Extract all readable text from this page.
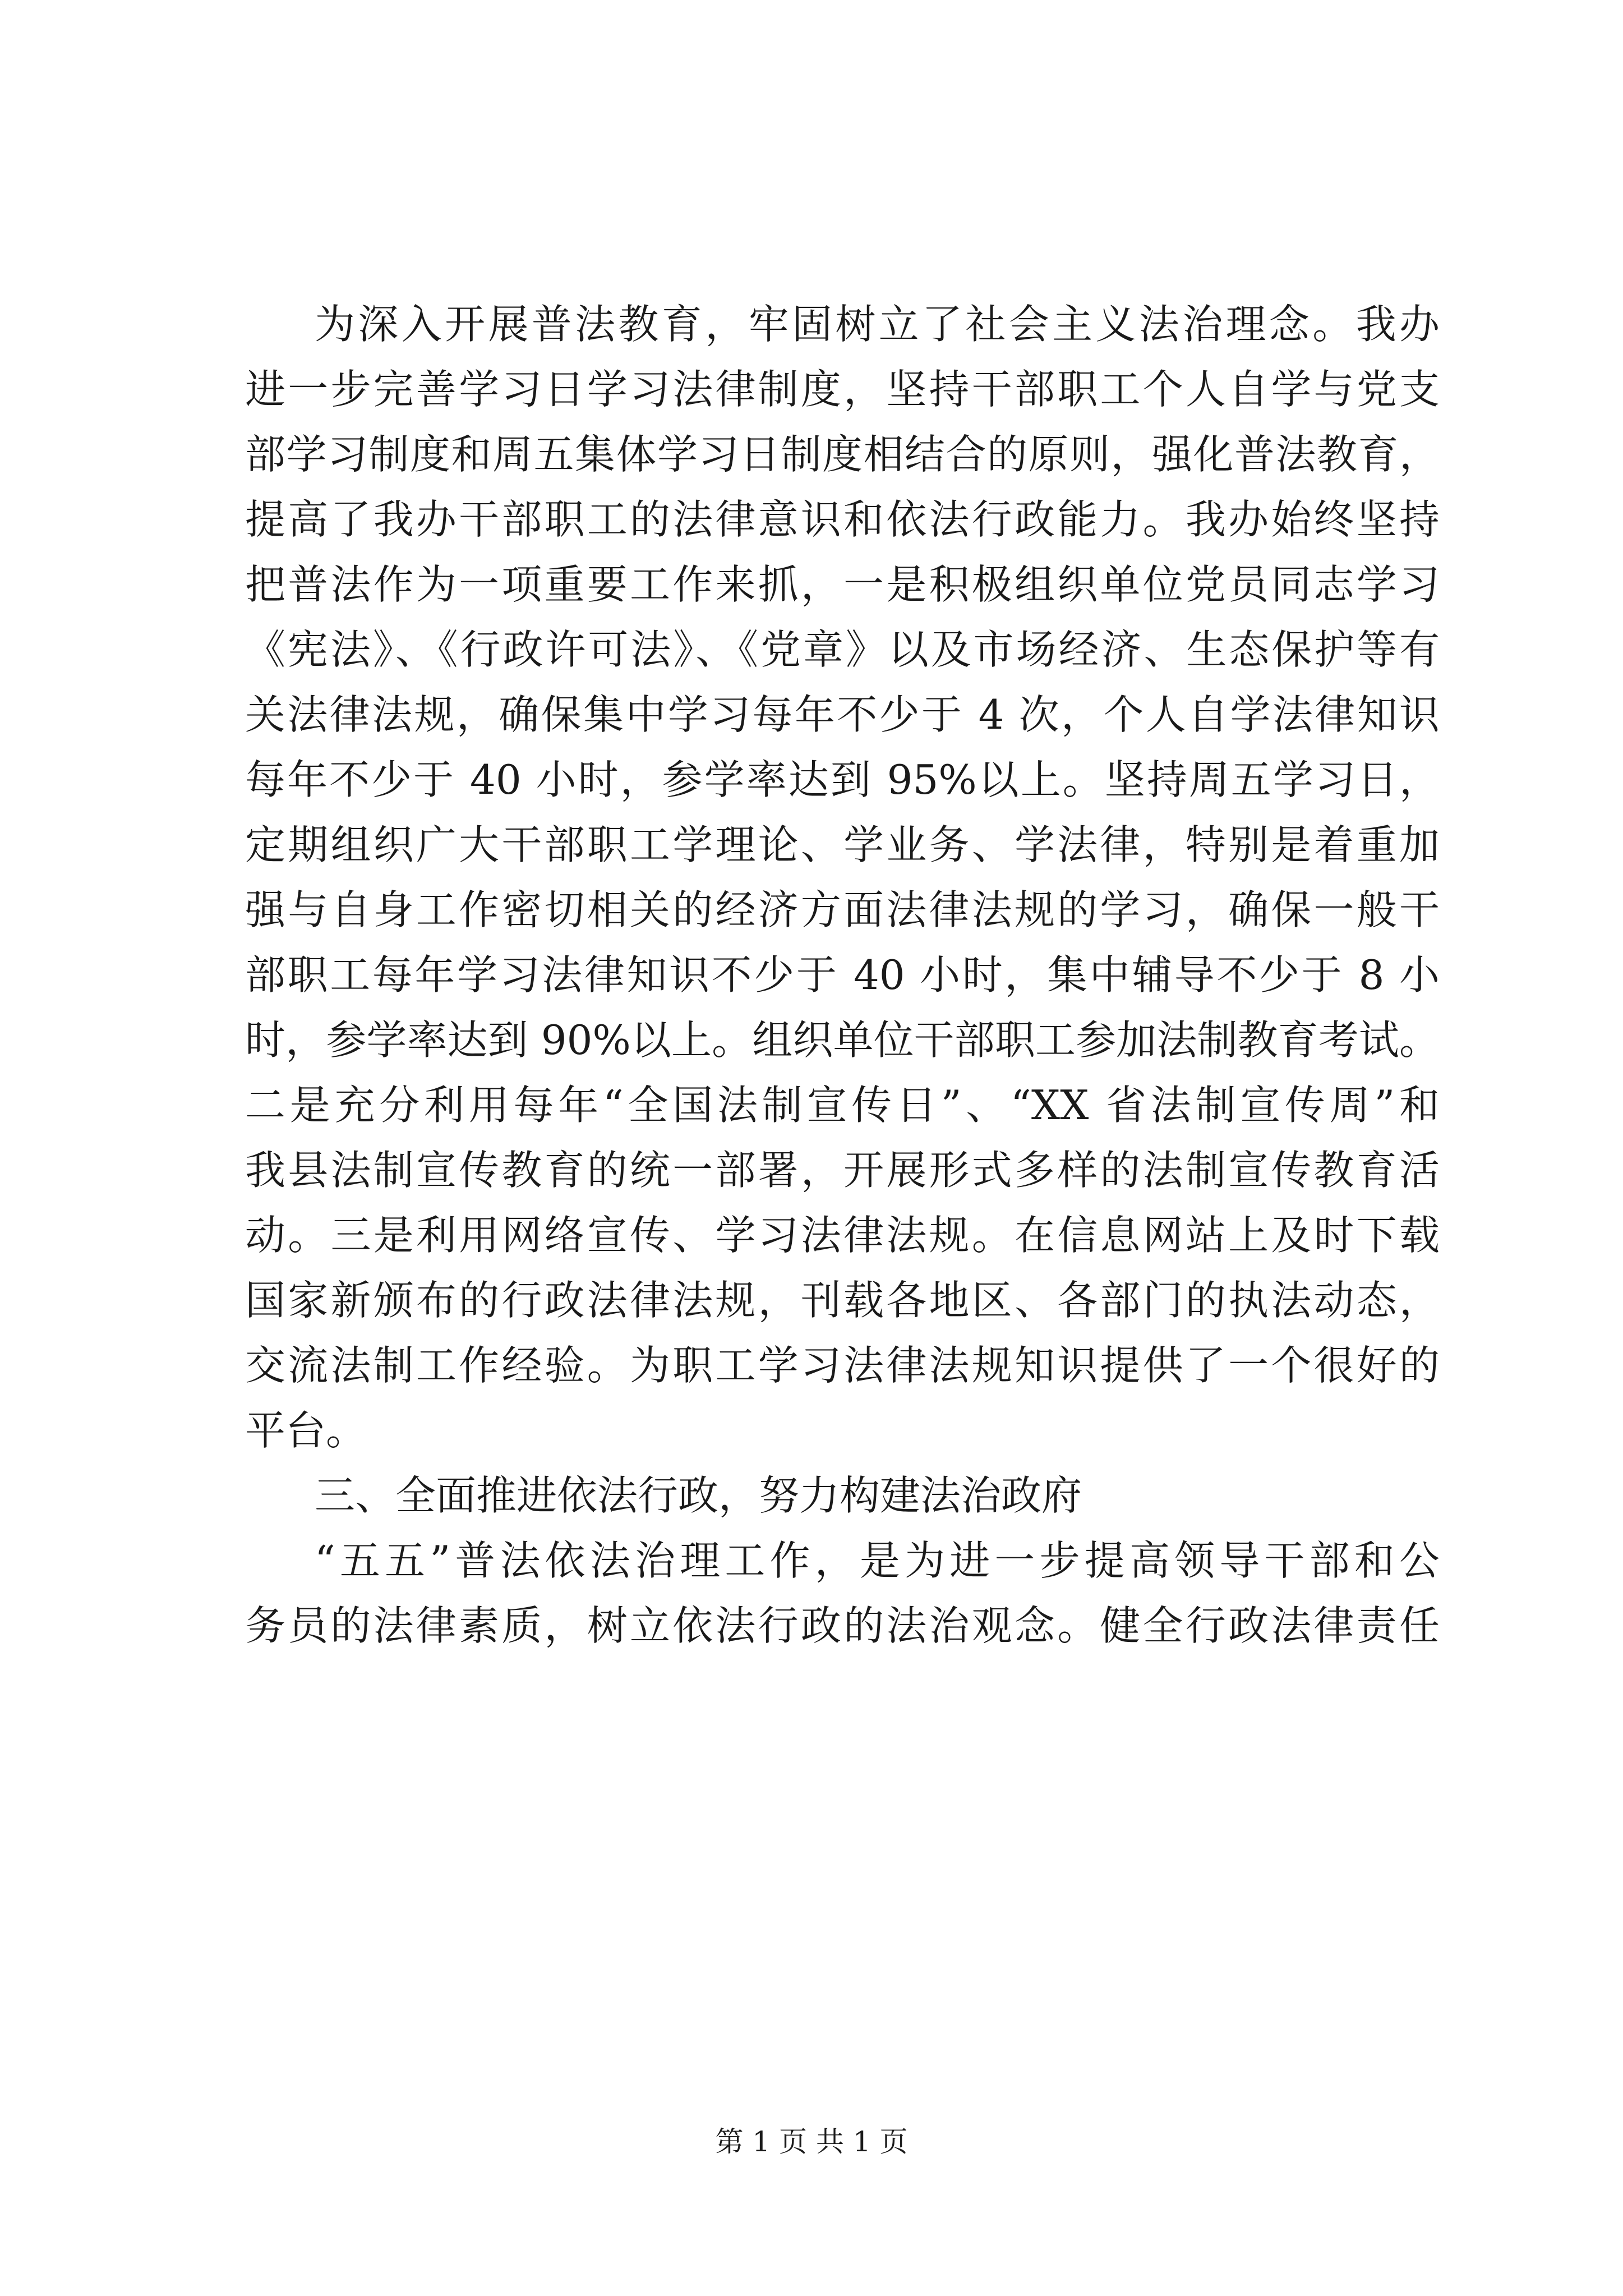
为深入开展普法教育，牢固树立了社会主义法治理念。我办
进一步完善学习日学习法律制度，坚持干部职工个人自学与党支
部学习制度和周五集体学习日制度相结合的原则，强化普法教育，
提高了我办干部职工的法律意识和依法行政能力。我办始终坚持
把普法作为一项重要工作来抓，一是积极组织单位党员同志学习
《宪法》、《行政许可法》、《党章》以及市场经济、生态保护等有
关法律法规，确保集中学习每年不少于 4 次，个人自学法律知识
每年不少于 40 小时，参学率达到 95%以上。坚持周五学习日，
定期组织广大干部职工学理论、学业务、学法律，特别是着重加
强与自身工作密切相关的经济方面法律法规的学习，确保一般干
部职工每年学习法律知识不少于 40 小时，集中辅导不少于 8 小
时，参学率达到 90%以上。组织单位干部职工参加法制教育考试。
二是充分利用每年“全国法制宣传日”、“XX 省法制宣传周”和
我县法制宣传教育的统一部署，开展形式多样的法制宣传教育活
动。三是利用网络宣传、学习法律法规。在信息网站上及时下载
国家新颁布的行政法律法规，刊载各地区、各部门的执法动态，
交流法制工作经验。为职工学习法律法规知识提供了一个很好的
平台。
三、全面推进依法行政，努力构建法治政府
“五五”普法依法治理工作，是为进一步提高领导干部和公
务员的法律素质，树立依法行政的法治观念。健全行政法律责任
第 1 页 共 1 页
